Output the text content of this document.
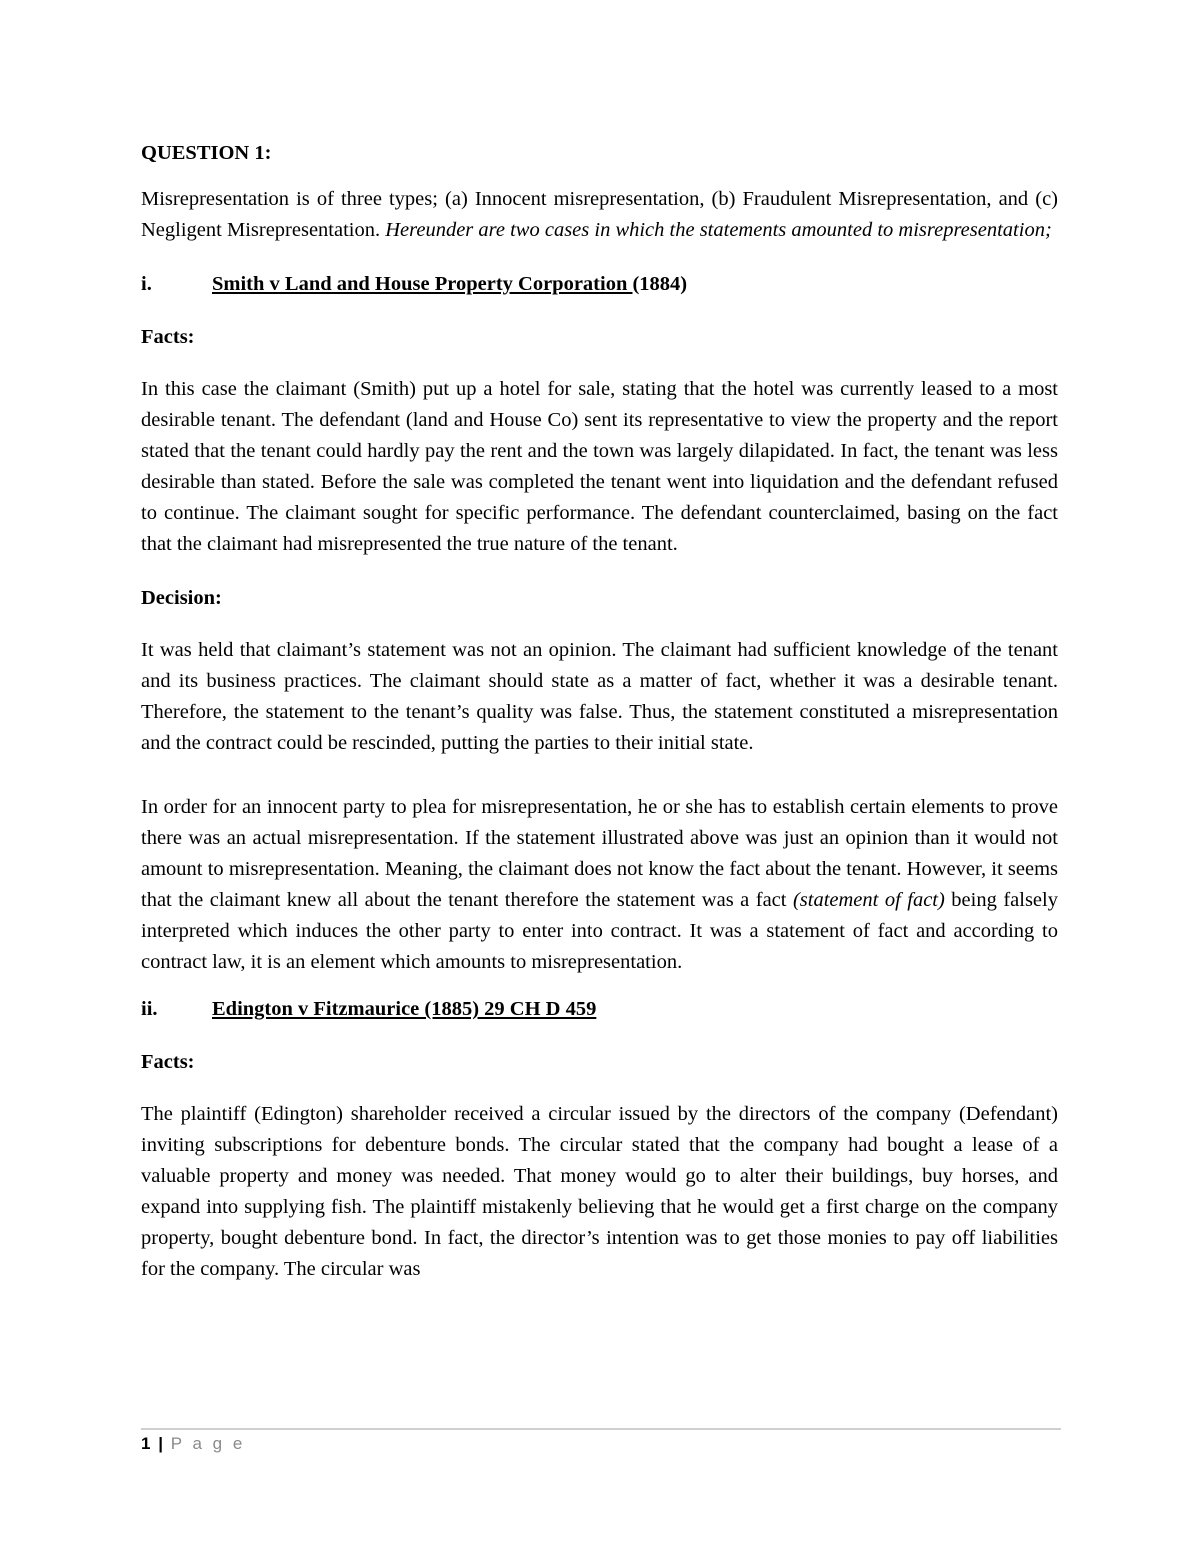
QUESTION 1:

Misrepresentation is of three types; (a) Innocent misrepresentation, (b) Fraudulent Misrepresentation, and (c) Negligent Misrepresentation. Hereunder are two cases in which the statements amounted to misrepresentation;

i.	Smith v Land and House Property Corporation (1884)
Facts:

In this case the claimant (Smith) put up a hotel for sale, stating that the hotel was currently leased to a most desirable tenant. The defendant (land and House Co) sent its representative to view the property and the report stated that the tenant could hardly pay the rent and the town was largely dilapidated. In fact, the tenant was less desirable than stated. Before the sale was completed the tenant went into liquidation and the defendant refused to continue. The claimant sought for specific performance. The defendant counterclaimed, basing on the fact that the claimant had misrepresented the true nature of the tenant.

Decision:

It was held that claimant’s statement was not an opinion. The claimant had sufficient knowledge of the tenant and its business practices. The claimant should state as a matter of fact, whether it was a desirable tenant. Therefore, the statement to the tenant’s quality was false. Thus, the statement constituted a misrepresentation and the contract could be rescinded, putting the parties to their initial state.

In order for an innocent party to plea for misrepresentation, he or she has to establish certain elements to prove there was an actual misrepresentation. If the statement illustrated above was just an opinion than it would not amount to misrepresentation. Meaning, the claimant does not know the fact about the tenant. However, it seems that the claimant knew all about the tenant therefore the statement was a fact (statement of fact) being falsely interpreted which induces the other party to enter into contract. It was a statement of fact and according to contract law, it is an element which amounts to misrepresentation.

ii.	Edington v Fitzmaurice (1885) 29 CH D 459
Facts:

The plaintiff (Edington) shareholder received a circular issued by the directors of the company (Defendant) inviting subscriptions for debenture bonds. The circular stated that the company had bought a lease of a valuable property and money was needed. That money would go to alter their buildings, buy horses, and expand into supplying fish. The plaintiff mistakenly believing that he would get a first charge on the company property, bought debenture bond. In fact, the director’s intention was to get those monies to pay off liabilities for the company. The circular was

1 | P a g e
